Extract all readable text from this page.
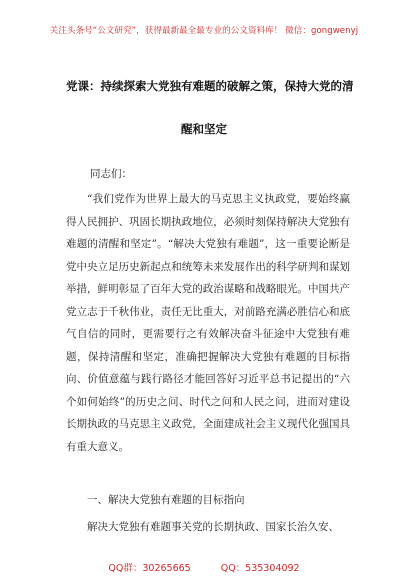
关注头条号“公文研究”，获得最新最全最专业的公文资料库！ 微信：gongwenyj
党课：持续探索大党独有难题的破解之策，保持大党的清
醒和坚定
同志们：
“我们党作为世界上最大的马克思主义执政党，要始终赢得人民拥护、巩固长期执政地位，必须时刻保持解决大党独有难题的清醒和坚定”。“解决大党独有难题”，这一重要论断是党中央立足历史新起点和统筹未来发展作出的科学研判和谋划举措，鲜明彰显了百年大党的政治谋略和战略眼光。中国共产党立志于千秋伟业，责任无比重大，对前路充满必胜信心和底气自信的同时，更需要行之有效解决奋斗征途中大党独有难题，保持清醒和坚定，准确把握解决大党独有难题的目标指向、价值意蕴与践行路径才能回答好习近平总书记提出的“六个如何始终”的历史之问、时代之问和人民之问，进而对建设长期执政的马克思主义政党，全面建成社会主义现代化强国具有重大意义。
一、解决大党独有难题的目标指向
解决大党独有难题事关党的长期执政、国家长治久安、
QQ群：30265665	QQ：535304092
